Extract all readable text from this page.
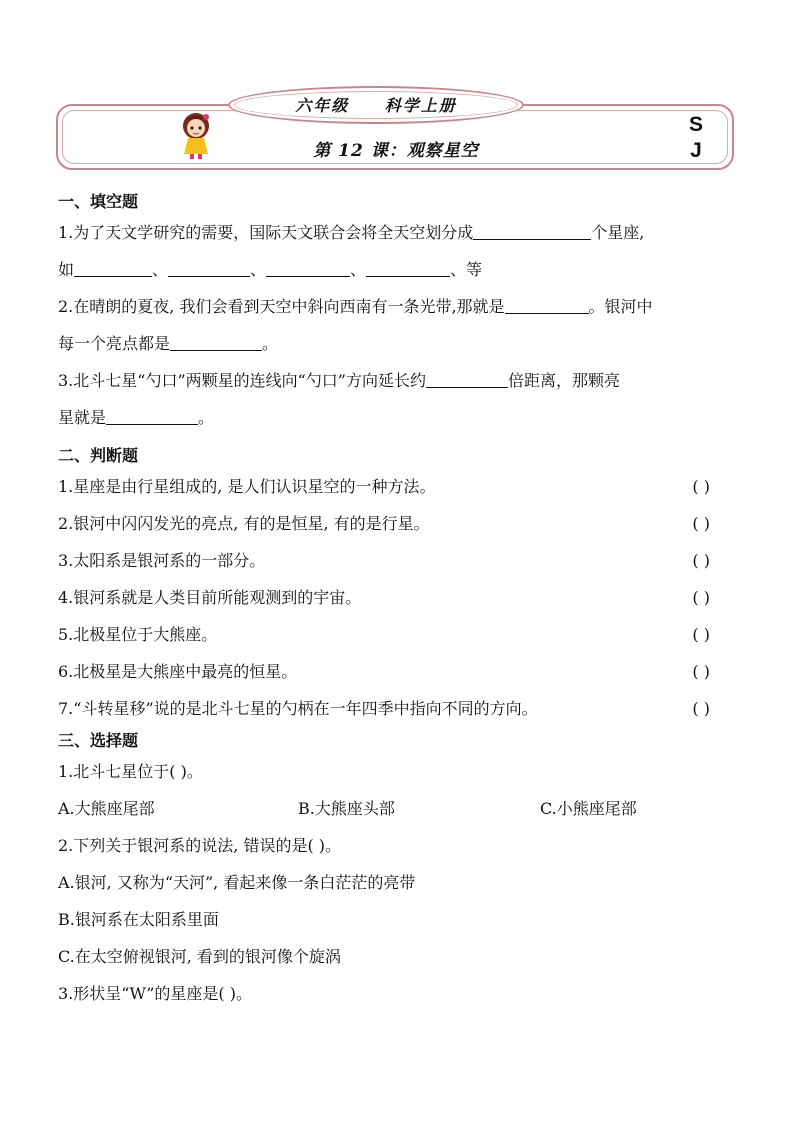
六年级 科学上册
第 12 课：观察星空
S
J
一、填空题
1.为了天文学研究的需要，国际天文联合会将全天空划分成	个星座,
如	、	、	、	、等
2.在晴朗的夏夜, 我们会看到天空中斜向西南有一条光带,那就是	。银河中
每一个亮点都是	。
3.北斗七星“勺口”两颗星的连线向“勺口”方向延长约	倍距离，那颗亮
星就是	。
二、判断题
1.星座是由行星组成的, 是人们认识星空的一种方法。	( )
2.银河中闪闪发光的亮点, 有的是恒星, 有的是行星。	( )
3.太阳系是银河系的一部分。	( )
4.银河系就是人类目前所能观测到的宇宙。	( )
5.北极星位于大熊座。	( )
6.北极星是大熊座中最亮的恒星。	( )
7.“斗转星移”说的是北斗七星的勺柄在一年四季中指向不同的方向。	( )
三、选择题
1.北斗七星位于( )。
A.大熊座尾部	B.大熊座头部	C.小熊座尾部
2.下列关于银河系的说法, 错误的是( )。
A.银河, 又称为“天河”, 看起来像一条白茫茫的亮带
B.银河系在太阳系里面
C.在太空俯视银河, 看到的银河像个旋涡
3.形状呈“W”的星座是( )。
